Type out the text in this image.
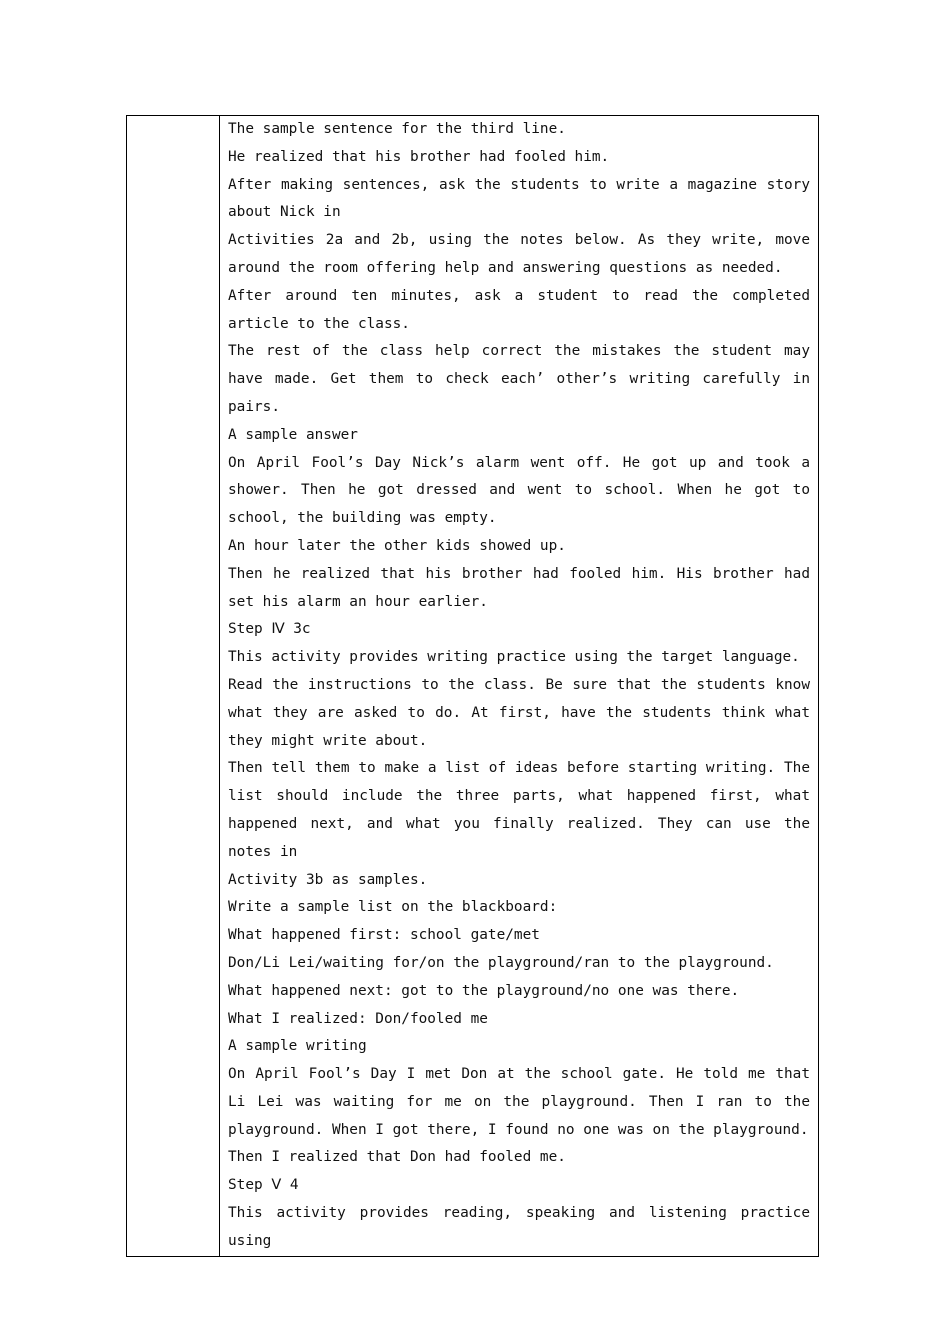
The sample sentence for the third line.

He realized that his brother had fooled him.

After making sentences, ask the students to write a magazine story about Nick in

Activities 2a and 2b, using the notes below. As they write, move around the room offering help and answering questions as needed.

After around ten minutes, ask a student to read the completed article to the class.

The rest of the class help correct the mistakes the student may have made. Get them to check each’ other’s writing carefully in pairs.

A sample answer

On April Fool’s Day Nick’s alarm went off. He got up and took a shower. Then he got dressed and went to school. When he got to school, the building was empty.

An hour later the other kids showed up.

Then he realized that his brother had fooled him. His brother had set his alarm an hour earlier.

Step Ⅳ 3c

This activity provides writing practice using the target language.

Read the instructions to the class. Be sure that the students know what they are asked to do. At first, have the students think what they might write about.

Then tell them to make a list of ideas before starting writing. The list should include the three parts, what happened first, what happened next, and what you finally realized. They can use the notes in

Activity 3b as samples.

Write a sample list on the blackboard:

What happened first: school gate/met

Don/Li Lei/waiting for/on the playground/ran to the playground.

What happened next: got to the playground/no one was there.

What I realized: Don/fooled me

A sample writing

On April Fool’s Day I met Don at the school gate. He told me that Li Lei was waiting for me on the playground. Then I ran to the playground. When I got there, I found no one was on the playground.

Then I realized that Don had fooled me.

Step Ⅴ 4

This activity provides reading, speaking and listening practice using
